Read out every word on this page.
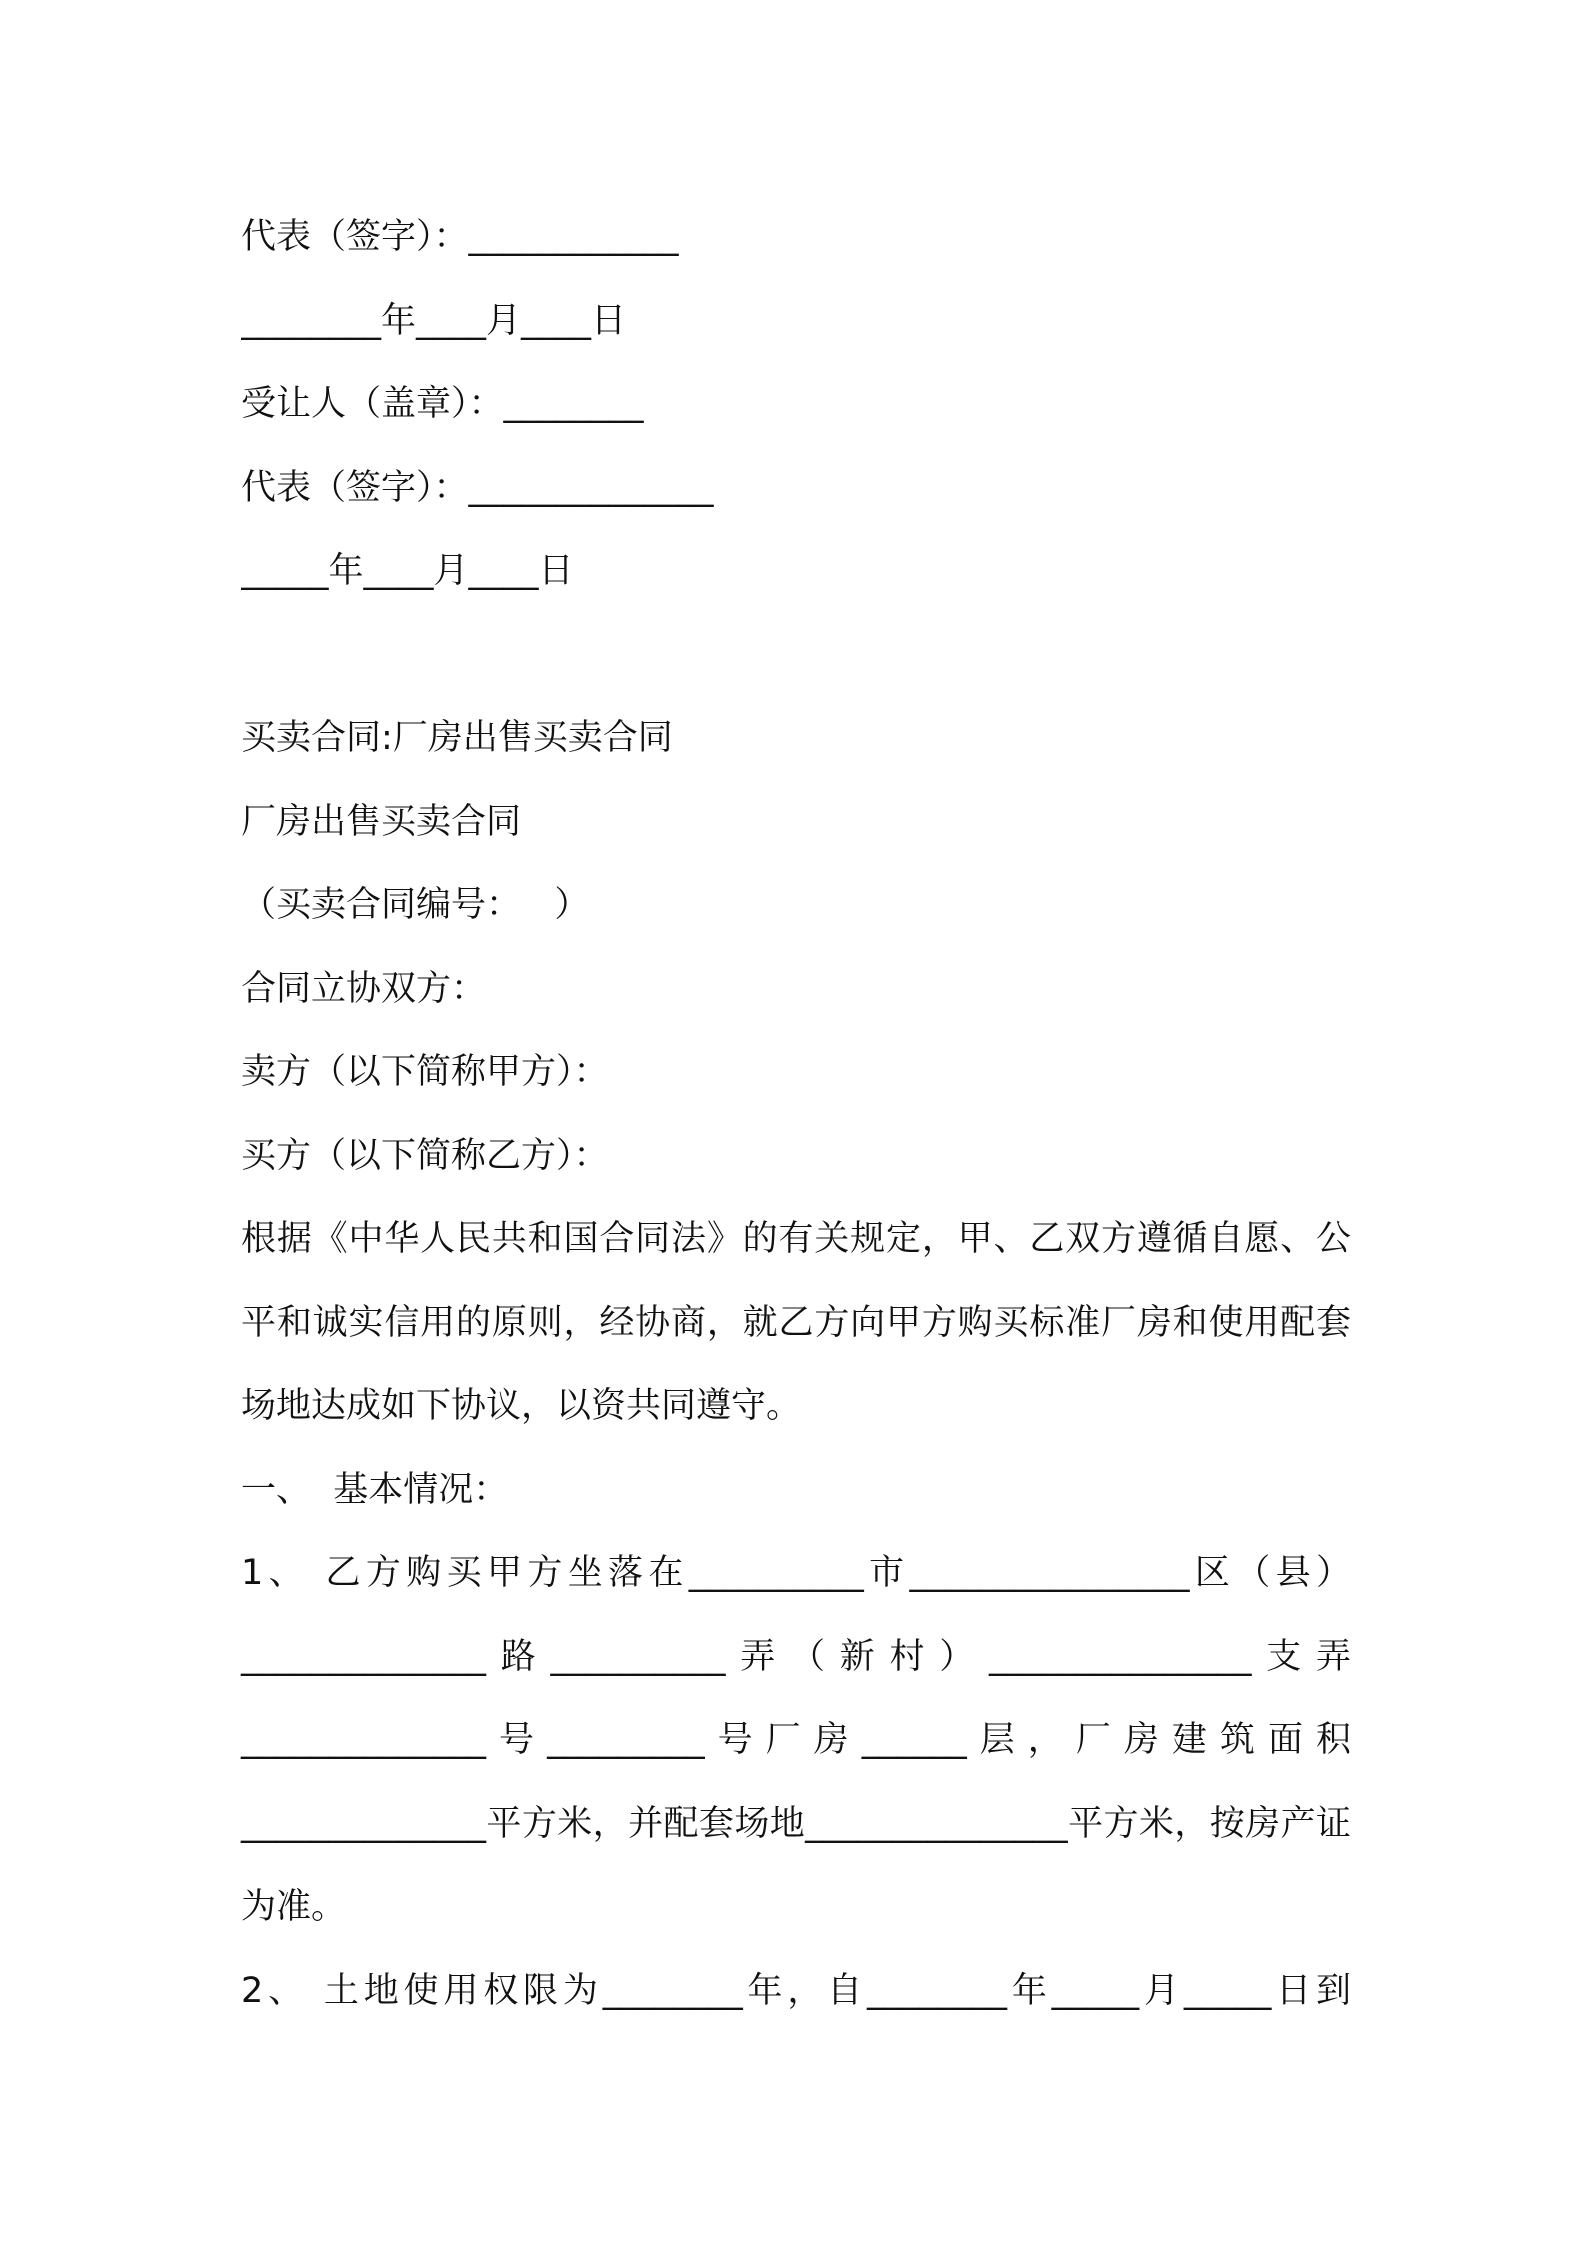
代表（签字）：____________
________年____月____日
受让人（盖章）：________
代表（签字）：______________
_____年____月____日
买卖合同:厂房出售买卖合同
厂房出售买卖合同
（买卖合同编号：   ）
合同立协双方：
卖方（以下简称甲方）：
买方（以下简称乙方）：
根据《中华人民共和国合同法》的有关规定，甲、乙双方遵循自愿、公平和诚实信用的原则，经协商，就乙方向甲方购买标准厂房和使用配套场地达成如下协议，以资共同遵守。
一、  基本情况：
1、 乙方购买甲方坐落在__________市________________区（县）______________路__________弄（新村）_______________支弄______________号_________号厂房______层，厂房建筑面积______________平方米，并配套场地_______________平方米，按房产证为准。
2、 土地使用权限为________年，自________年_____月_____日到
